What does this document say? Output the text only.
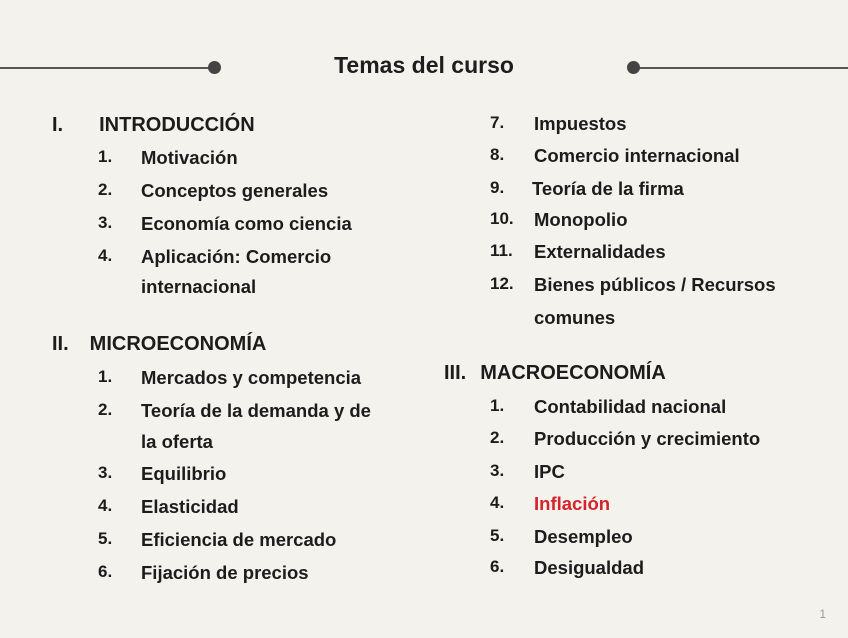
Temas del curso
I. INTRODUCCIÓN
1. Motivación
2. Conceptos generales
3. Economía como ciencia
4. Aplicación: Comercio
internacional
II. MICROECONOMÍA
1. Mercados y competencia
2. Teoría de la demanda y de
la oferta
3. Equilibrio
4. Elasticidad
5. Eficiencia de mercado
6. Fijación de precios
7. Impuestos
8. Comercio internacional
9. Teoría de la firma
10. Monopolio
11. Externalidades
12. Bienes públicos / Recursos
comunes
III. MACROECONOMÍA
1. Contabilidad nacional
2. Producción y crecimiento
3. IPC
4. Inflación
5. Desempleo
6. Desigualdad
1
